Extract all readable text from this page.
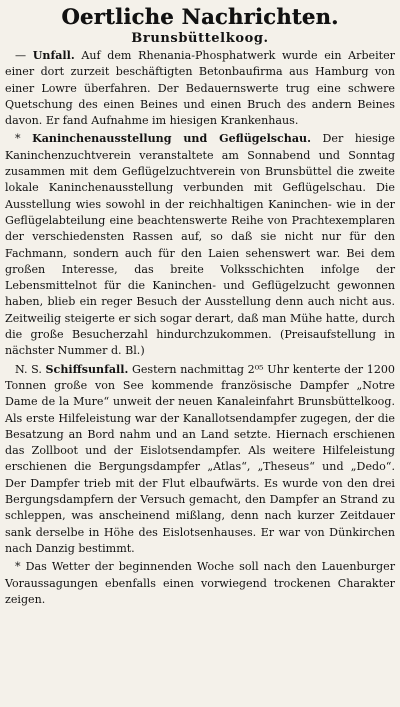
Oertliche Nachrichten.
Brunsbüttelkoog.

— Unfall. Auf dem Rhenania-Phosphatwerk wurde ein Arbeiter einer dort zurzeit beschäftigten Betonbaufirma aus Hamburg von einer Lowre überfahren. Der Bedauernswerte trug eine schwere Quetschung des einen Beines und einen Bruch des andern Beines davon. Er fand Aufnahme im hiesigen Krankenhaus.

* Kaninchenausstellung und Geflügelschau. Der hiesige Kaninchenzuchtverein veranstaltete am Sonnabend und Sonntag zusammen mit dem Geflügelzuchtverein von Brunsbüttel die zweite lokale Kaninchenausstellung verbunden mit Geflügelschau. Die Ausstellung wies sowohl in der reichhaltigen Kaninchen- wie in der Geflügelabteilung eine beachtenswerte Reihe von Prachtexemplaren der verschiedensten Rassen auf, so daß sie nicht nur für den Fachmann, sondern auch für den Laien sehenswert war. Bei dem großen Interesse, das breite Volksschichten infolge der Lebensmittelnot für die Kaninchen- und Geflügelzucht gewonnen haben, blieb ein reger Besuch der Ausstellung denn auch nicht aus. Zeitweilig steigerte er sich sogar derart, daß man Mühe hatte, durch die große Besucherzahl hindurchzukommen. (Preisaufstellung in nächster Nummer d. Bl.)

N. S. Schiffsunfall. Gestern nachmittag 2⁰⁵ Uhr kenterte der 1200 Tonnen große von See kommende französische Dampfer „Notre Dame de la Mure“ unweit der neuen Kanaleinfahrt Brunsbüttelkoog. Als erste Hilfeleistung war der Kanallotsendampfer zugegen, der die Besatzung an Bord nahm und an Land setzte. Hiernach erschienen das Zollboot und der Eislotsendampfer. Als weitere Hilfeleistung erschienen die Bergungsdampfer „Atlas“, „Theseus“ und „Dedo“. Der Dampfer trieb mit der Flut elbaufwärts. Es wurde von den drei Bergungsdampfern der Versuch gemacht, den Dampfer an Strand zu schleppen, was anscheinend mißlang, denn nach kurzer Zeitdauer sank derselbe in Höhe des Eislotsenhauses. Er war von Dünkirchen nach Danzig bestimmt.

* Das Wetter der beginnenden Woche soll nach den Lauenburger Voraussagungen ebenfalls einen vorwiegend trockenen Charakter zeigen.
